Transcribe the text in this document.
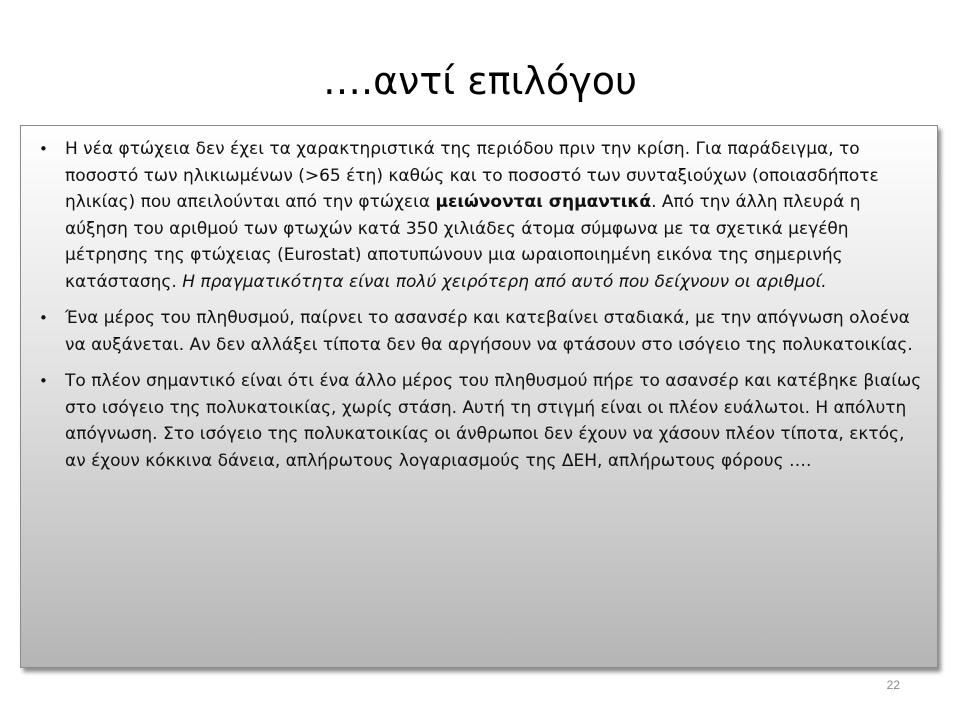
….αντί επιλόγου
• Η νέα φτώχεια δεν έχει τα χαρακτηριστικά της περιόδου πριν την κρίση. Για παράδειγμα, το ποσοστό των ηλικιωμένων (>65 έτη) καθώς και το ποσοστό των συνταξιούχων (οποιασδήποτε ηλικίας) που απειλούνται από την φτώχεια μειώνονται σημαντικά. Από την άλλη πλευρά η αύξηση του αριθμού των φτωχών κατά 350 χιλιάδες άτομα σύμφωνα με τα σχετικά μεγέθη μέτρησης της φτώχειας (Eurostat) αποτυπώνουν μια ωραιοποιημένη εικόνα της σημερινής κατάστασης. Η πραγματικότητα είναι πολύ χειρότερη από αυτό που δείχνουν οι αριθμοί.
• Ένα μέρος του πληθυσμού, παίρνει το ασανσέρ και κατεβαίνει σταδιακά, με την απόγνωση ολοένα να αυξάνεται. Αν δεν αλλάξει τίποτα δεν θα αργήσουν να φτάσουν στο ισόγειο της πολυκατοικίας.
• Το πλέον σημαντικό είναι ότι ένα άλλο μέρος του πληθυσμού πήρε το ασανσέρ και κατέβηκε βιαίως στο ισόγειο της πολυκατοικίας, χωρίς στάση. Αυτή τη στιγμή είναι οι πλέον ευάλωτοι. Η απόλυτη απόγνωση. Στο ισόγειο της πολυκατοικίας οι άνθρωποι δεν έχουν να χάσουν πλέον τίποτα, εκτός, αν έχουν κόκκινα δάνεια, απλήρωτους λογαριασμούς της ΔΕΗ, απλήρωτους φόρους ….
22
